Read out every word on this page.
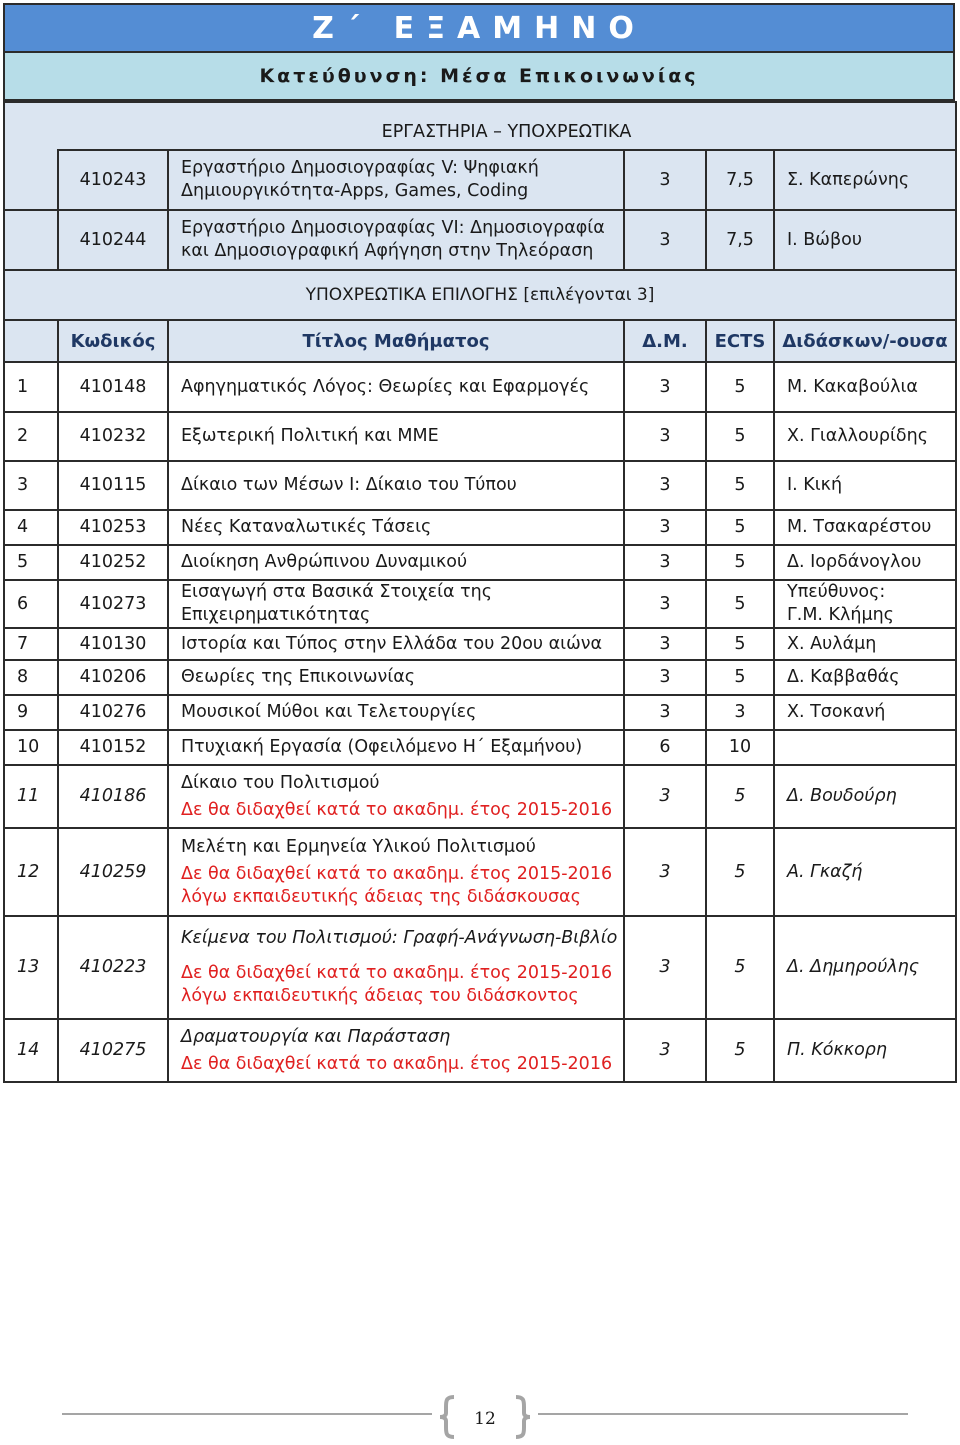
Ζ΄ ΕΞΑΜΗΝΟ
Κατεύθυνση: Μέσα Επικοινωνίας
	ΕΡΓΑΣΤΗΡΙΑ – ΥΠΟΧΡΕΩΤΙΚΑ				
	410243	Εργαστήριο Δημοσιογραφίας V: Ψηφιακή
Δημιουργικότητα-Apps, Games, Coding	3	7,5	Σ. Καπερώνης
	410244	Εργαστήριο Δημοσιογραφίας VI: Δημοσιογραφία
και Δημοσιογραφική Αφήγηση στην Τηλεόραση	3	7,5	Ι. Βώβου
ΥΠΟΧΡΕΩΤΙΚΑ ΕΠΙΛΟΓΗΣ [επιλέγονται 3]					
	Κωδικός	Τίτλος Μαθήματος	Δ.Μ.	ECTS	Διδάσκων/-ουσα
1	410148	Αφηγηματικός Λόγος: Θεωρίες και Εφαρμογές	3	5	Μ. Κακαβούλια
2	410232	Εξωτερική Πολιτική και ΜΜΕ	3	5	Χ. Γιαλλουρίδης
3	410115	Δίκαιο των Μέσων Ι: Δίκαιο του Τύπου	3	5	Ι. Κική
4	410253	Νέες Καταναλωτικές Τάσεις	3	5	Μ. Τσακαρέστου
5	410252	Διοίκηση Ανθρώπινου Δυναμικού	3	5	Δ. Ιορδάνογλου
6	410273	Εισαγωγή στα Βασικά Στοιχεία της
Επιχειρηματικότητας	3	5	Υπεύθυνος:
Γ.Μ. Κλήμης
7	410130	Ιστορία και Τύπος στην Ελλάδα του 20ου αιώνα	3	5	Χ. Αυλάμη
8	410206	Θεωρίες της Επικοινωνίας	3	5	Δ. Καββαθάς
9	410276	Μουσικοί Μύθοι και Τελετουργίες	3	3	Χ. Τσοκανή
10	410152	Πτυχιακή Εργασία (Οφειλόμενο Η΄ Εξαμήνου)	6	10	
11	410186	Δίκαιο του Πολιτισμού
Δε θα διδαχθεί κατά το ακαδημ. έτος 2015-2016	3	5	Δ. Βουδούρη
12	410259	Μελέτη και Ερμηνεία Υλικού Πολιτισμού
Δε θα διδαχθεί κατά το ακαδημ. έτος 2015-2016
λόγω εκπαιδευτικής άδειας της διδάσκουσας	3	5	Α. Γκαζή
13	410223	Κείμενα του Πολιτισμού: Γραφή-Ανάγνωση-Βιβλίο
Δε θα διδαχθεί κατά το ακαδημ. έτος 2015-2016
λόγω εκπαιδευτικής άδειας του διδάσκοντος	3	5	Δ. Δημηρούλης
14	410275	Δραματουργία και Παράσταση
Δε θα διδαχθεί κατά το ακαδημ. έτος 2015-2016	3	5	Π. Κόκκορη
12
